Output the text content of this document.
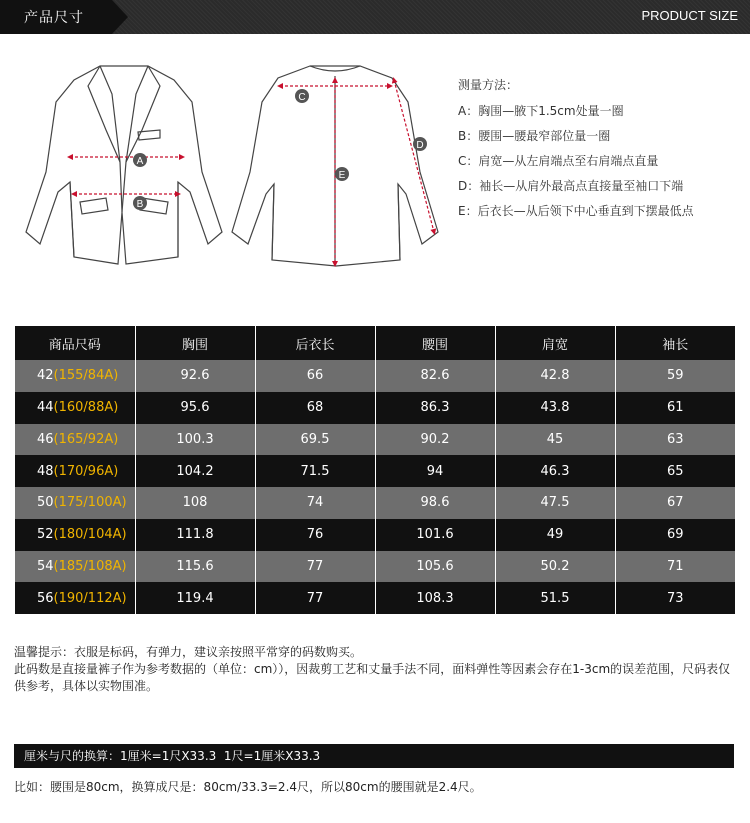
产品尺寸	PRODUCT SIZE
A
B
C
D
E
测量方法：
A：胸围—腋下1.5cm处量一圈
B：腰围—腰最窄部位量一圈
C：肩宽—从左肩端点至右肩端点直量
D：袖长—从肩外最高点直接量至袖口下端
E：后衣长—从后领下中心垂直到下摆最低点
商品尺码	胸围	后衣长	腰围	肩宽	袖长
42(155/84A)	92.6	66	82.6	42.8	59
44(160/88A)	95.6	68	86.3	43.8	61
46(165/92A)	100.3	69.5	90.2	45	63
48(170/96A)	104.2	71.5	94	46.3	65
50(175/100A)	108	74	98.6	47.5	67
52(180/104A)	111.8	76	101.6	49	69
54(185/108A)	115.6	77	105.6	50.2	71
56(190/112A)	119.4	77	108.3	51.5	73
温馨提示：衣服是标码，有弹力，建议亲按照平常穿的码数购买。
此码数是直接量裤子作为参考数据的（单位：cm）），因裁剪工艺和丈量手法不同，面料弹性等因素会存在1-3cm的误差范围，尺码表仅供参考，具体以实物围准。
厘米与尺的换算：1厘米=1尺X33.3  1尺=1厘米X33.3
比如：腰围是80cm，换算成尺是：80cm/33.3=2.4尺，所以80cm的腰围就是2.4尺。
